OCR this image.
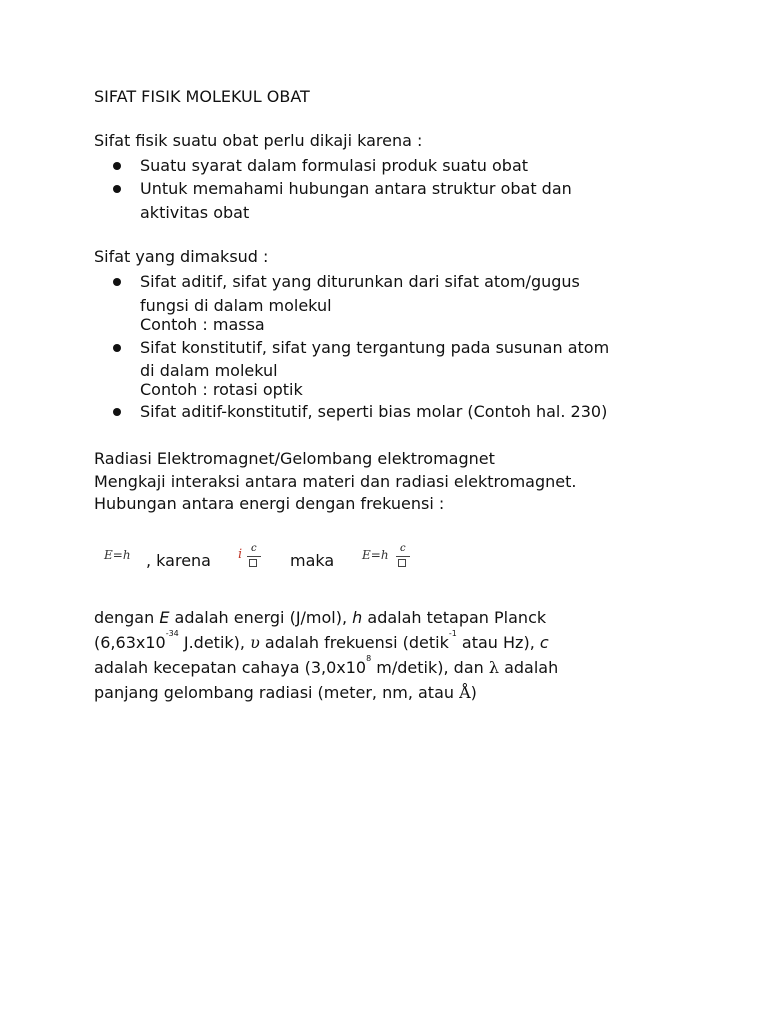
SIFAT FISIK MOLEKUL OBAT
Sifat fisik suatu obat perlu dikaji karena :
Suatu syarat dalam formulasi produk suatu obat
Untuk memahami hubungan antara struktur obat dan
aktivitas obat
Sifat yang dimaksud :
Sifat aditif, sifat yang diturunkan dari sifat atom/gugus
fungsi di dalam molekul
Contoh : massa
Sifat konstitutif, sifat yang tergantung pada susunan atom
di dalam molekul
Contoh : rotasi optik
Sifat aditif-konstitutif, seperti bias molar (Contoh hal. 230)
Radiasi Elektromagnet/Gelombang elektromagnet
Mengkaji interaksi antara materi dan radiasi elektromagnet.
Hubungan antara energi dengan frekuensi :
E=h , karena i c
maka E=h c
dengan E adalah energi (J/mol), h adalah tetapan Planck
($6,63x10^{-34}$ J.detik), υ adalah frekuensi (detik$^{-1}$ atau Hz), c
adalah kecepatan cahaya ($3,0x10^8$ m/detik), dan λ adalah
panjang gelombang radiasi (meter, nm, atau Å)
